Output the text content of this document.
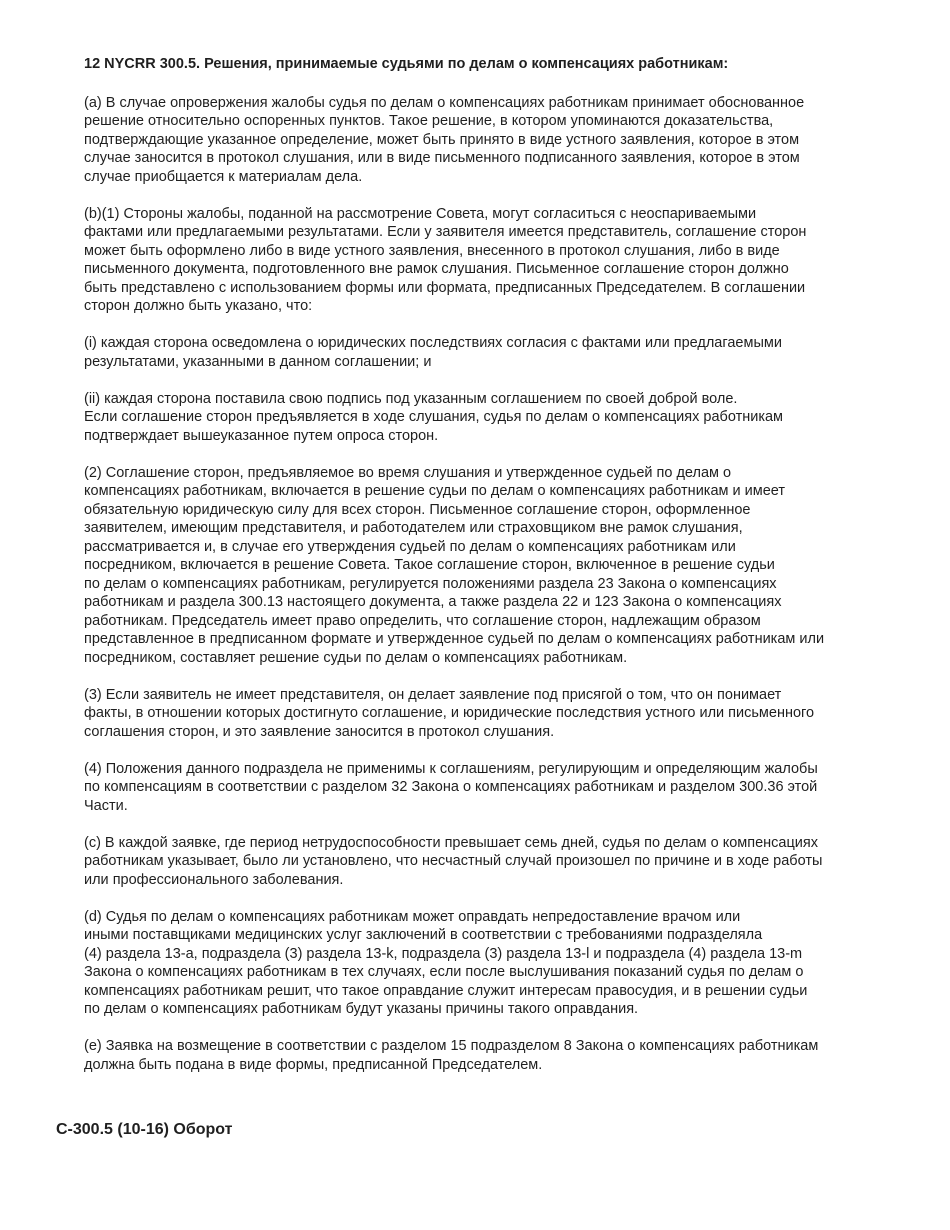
12 NYCRR 300.5. Решения, принимаемые судьями по делам о компенсациях работникам:
(a) В случае опровержения жалобы судья по делам о компенсациях работникам принимает обоснованное
решение относительно оспоренных пунктов. Такое решение, в котором упоминаются доказательства,
подтверждающие указанное определение, может быть принято в виде устного заявления, которое в этом
случае заносится в протокол слушания, или в виде письменного подписанного заявления, которое в этом
случае приобщается к материалам дела.
(b)(1) Стороны жалобы, поданной на рассмотрение Совета, могут согласиться с неоспариваемыми
фактами или предлагаемыми результатами. Если у заявителя имеется представитель, соглашение сторон
может быть оформлено либо в виде устного заявления, внесенного в протокол слушания, либо в виде
письменного документа, подготовленного вне рамок слушания. Письменное соглашение сторон должно
быть представлено с использованием формы или формата, предписанных Председателем. В соглашении
сторон должно быть указано, что:
(i) каждая сторона осведомлена о юридических последствиях согласия с фактами или предлагаемыми
результатами, указанными в данном соглашении; и
(ii) каждая сторона поставила свою подпись под указанным соглашением по своей доброй воле.
Если соглашение сторон предъявляется в ходе слушания, судья по делам о компенсациях работникам
подтверждает вышеуказанное путем опроса сторон.
(2) Соглашение сторон, предъявляемое во время слушания и утвержденное судьей по делам о
компенсациях работникам, включается в решение судьи по делам о компенсациях работникам и имеет
обязательную юридическую силу для всех сторон. Письменное соглашение сторон, оформленное
заявителем, имеющим представителя, и работодателем или страховщиком вне рамок слушания,
рассматривается и, в случае его утверждения судьей по делам о компенсациях работникам или
посредником, включается в решение Совета. Такое соглашение сторон, включенное в решение судьи
по делам о компенсациях работникам, регулируется положениями раздела 23 Закона о компенсациях
работникам и раздела 300.13 настоящего документа, а также раздела 22 и 123 Закона о компенсациях
работникам. Председатель имеет право определить, что соглашение сторон, надлежащим образом
представленное в предписанном формате и утвержденное судьей по делам о компенсациях работникам или
посредником, составляет решение судьи по делам о компенсациях работникам.
(3) Если заявитель не имеет представителя, он делает заявление под присягой о том, что он понимает
факты, в отношении которых достигнуто соглашение, и юридические последствия устного или письменного
соглашения сторон, и это заявление заносится в протокол слушания.
(4) Положения данного подраздела не применимы к соглашениям, регулирующим и определяющим жалобы
по компенсациям в соответствии с разделом 32 Закона о компенсациях работникам и разделом 300.36 этой
Части.
(c) В каждой заявке, где период нетрудоспособности превышает семь дней, судья по делам о компенсациях
работникам указывает, было ли установлено, что несчастный случай произошел по причине и в ходе работы
или профессионального заболевания.
(d) Судья по делам о компенсациях работникам может оправдать непредоставление врачом или
иными поставщиками медицинских услуг заключений в соответствии с требованиями подразделяла
(4) раздела 13-a, подраздела (3) раздела 13-k, подраздела (3) раздела 13-l и подраздела (4) раздела 13-m
Закона о компенсациях работникам в тех случаях, если после выслушивания показаний судья по делам о
компенсациях работникам решит, что такое оправдание служит интересам правосудия, и в решении судьи
по делам о компенсациях работникам будут указаны причины такого оправдания.
(e) Заявка на возмещение в соответствии с разделом 15 подразделом 8 Закона о компенсациях работникам
должна быть подана в виде формы, предписанной Председателем.
C-300.5 (10-16) Оборот
